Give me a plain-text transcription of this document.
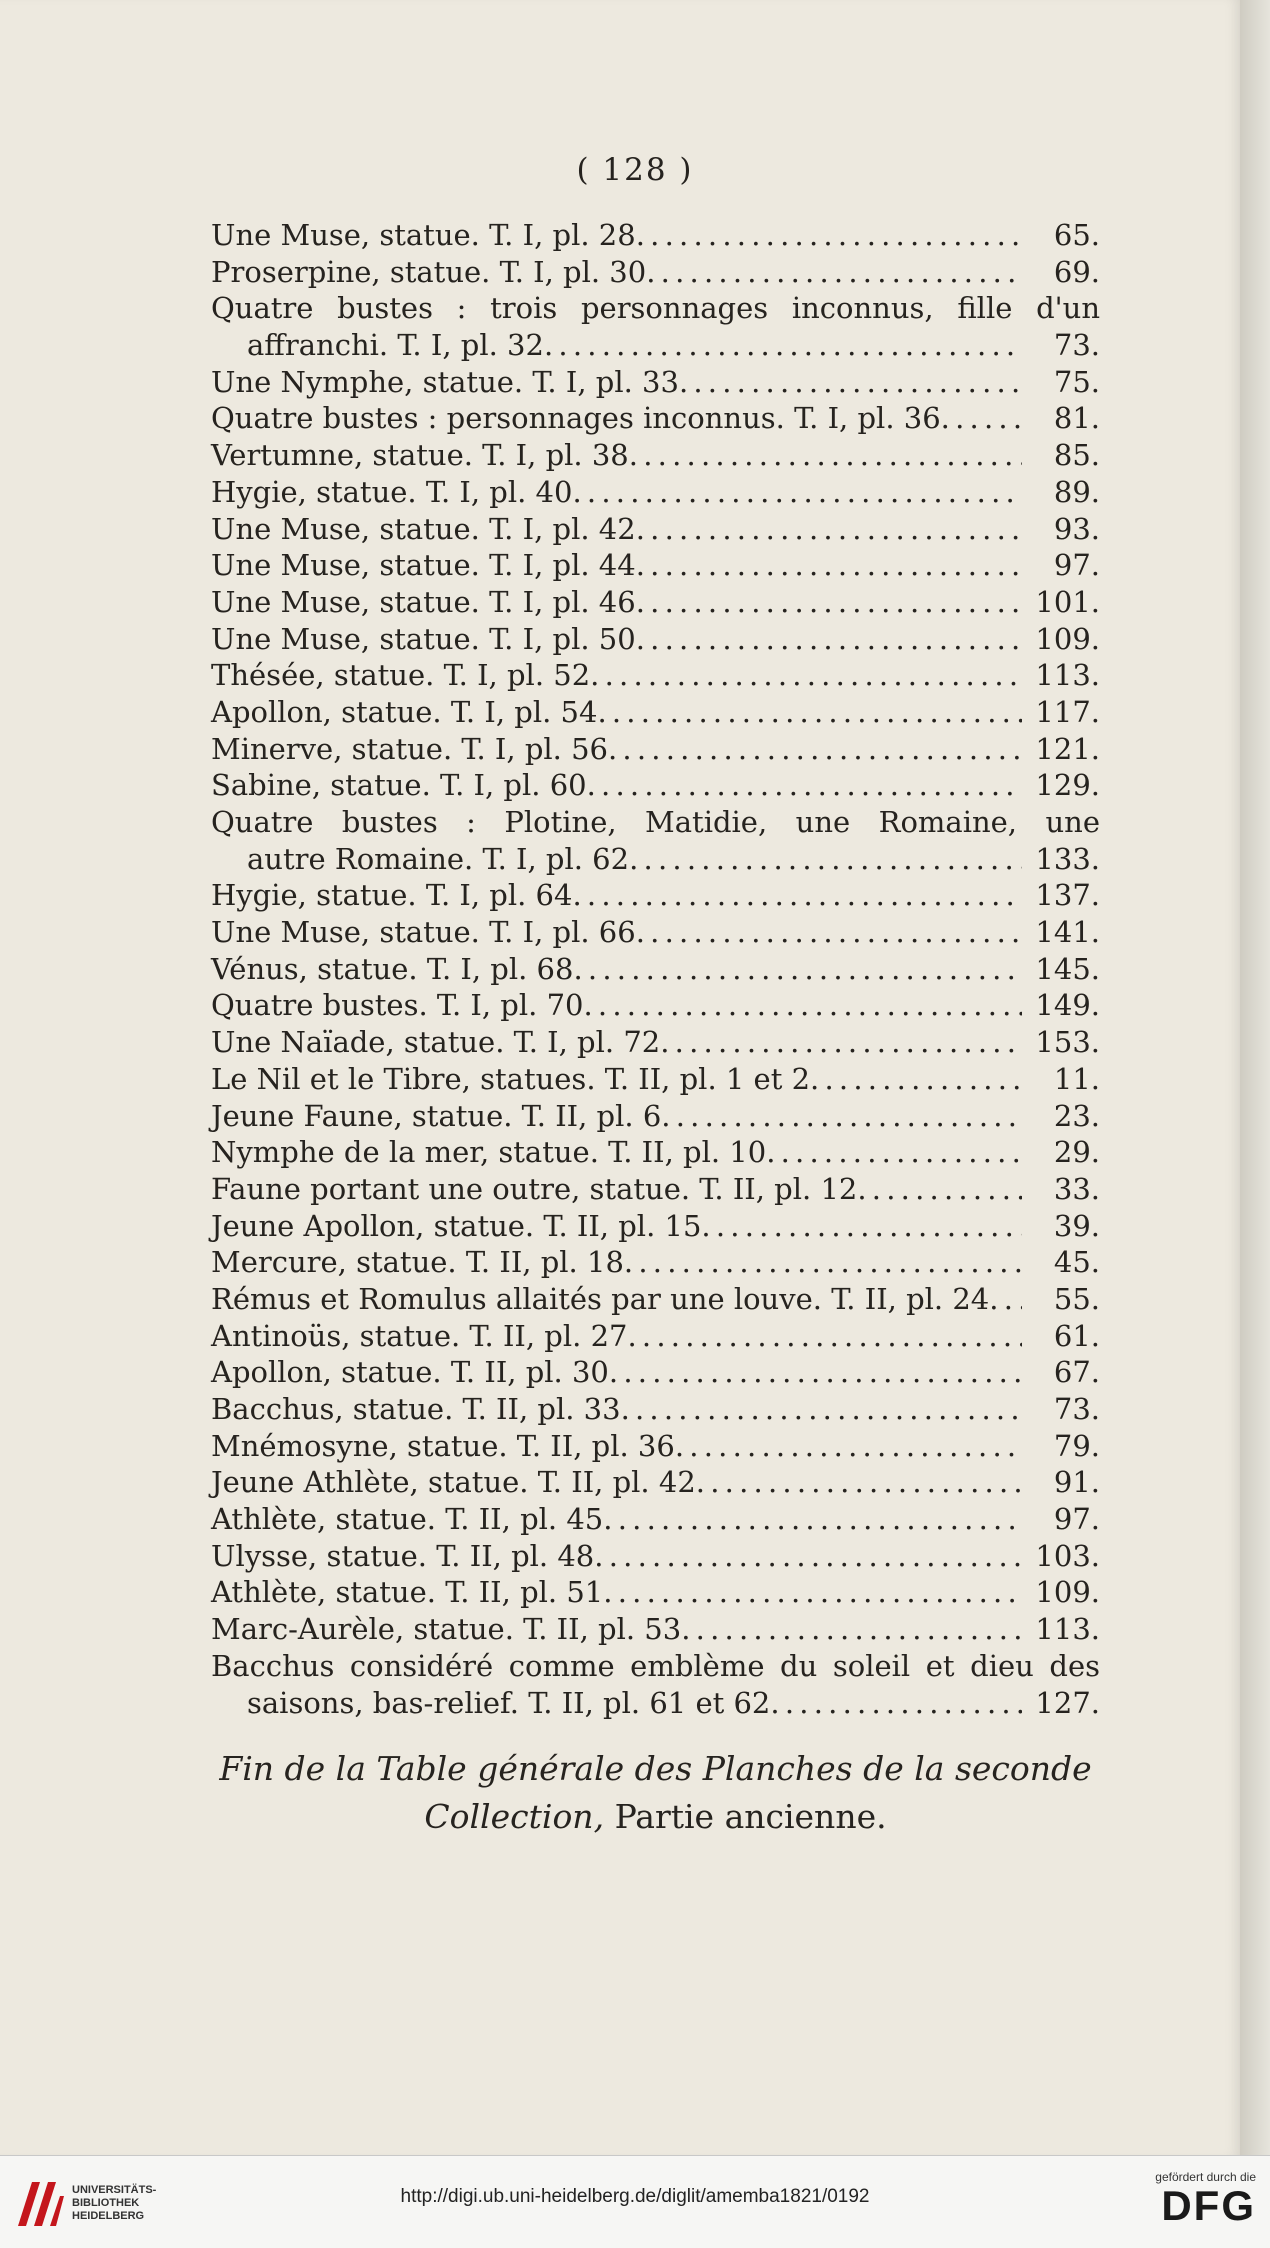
( 128 )
Une Muse, statue. T. I, pl. 28 . . .	65.
Proserpine, statue. T. I, pl. 30 . . .	69.
Quatre bustes : trois personnages inconnus, fille d'un
affranchi. T. I, pl. 32 . . .	73.
Une Nymphe, statue. T. I, pl. 33 . . .	75.
Quatre bustes : personnages inconnus. T. I, pl. 36 . . .	81.
Vertumne, statue. T. I, pl. 38 . . .	85.
Hygie, statue. T. I, pl. 40 . . .	89.
Une Muse, statue. T. I, pl. 42 . . .	93.
Une Muse, statue. T. I, pl. 44 . . .	97.
Une Muse, statue. T. I, pl. 46 . . .	101.
Une Muse, statue. T. I, pl. 50 . . .	109.
Thésée, statue. T. I, pl. 52 . . .	113.
Apollon, statue. T. I, pl. 54 . . .	117.
Minerve, statue. T. I, pl. 56 . . .	121.
Sabine, statue. T. I, pl. 60 . . .	129.
Quatre bustes : Plotine, Matidie, une Romaine, une
autre Romaine. T. I, pl. 62 . . .	133.
Hygie, statue. T. I, pl. 64 . . .	137.
Une Muse, statue. T. I, pl. 66 . . .	141.
Vénus, statue. T. I, pl. 68 . . .	145.
Quatre bustes. T. I, pl. 70 . . .	149.
Une Naïade, statue. T. I, pl. 72 . . .	153.
Le Nil et le Tibre, statues. T. II, pl. 1 et 2 . . .	11.
Jeune Faune, statue. T. II, pl. 6 . . .	23.
Nymphe de la mer, statue. T. II, pl. 10 . . .	29.
Faune portant une outre, statue. T. II, pl. 12 . . .	33.
Jeune Apollon, statue. T. II, pl. 15 . . .	39.
Mercure, statue. T. II, pl. 18 . . .	45.
Rémus et Romulus allaités par une louve. T. II, pl. 24 . . .	55.
Antinoüs, statue. T. II, pl. 27 . . .	61.
Apollon, statue. T. II, pl. 30 . . .	67.
Bacchus, statue. T. II, pl. 33 . . .	73.
Mnémosyne, statue. T. II, pl. 36 . . .	79.
Jeune Athlète, statue. T. II, pl. 42 . . .	91.
Athlète, statue. T. II, pl. 45 . . .	97.
Ulysse, statue. T. II, pl. 48 . . .	103.
Athlète, statue. T. II, pl. 51 . . .	109.
Marc-Aurèle, statue. T. II, pl. 53 . . .	113.
Bacchus considéré comme emblème du soleil et dieu des
saisons, bas-relief. T. II, pl. 61 et 62 . . .	127.
Fin de la Table générale des Planches de la seconde Collection, Partie ancienne.
UNIVERSITÄTS-
BIBLIOTHEK
HEIDELBERG
http://digi.ub.uni-heidelberg.de/diglit/amemba1821/0192
gefördert durch die
DFG
